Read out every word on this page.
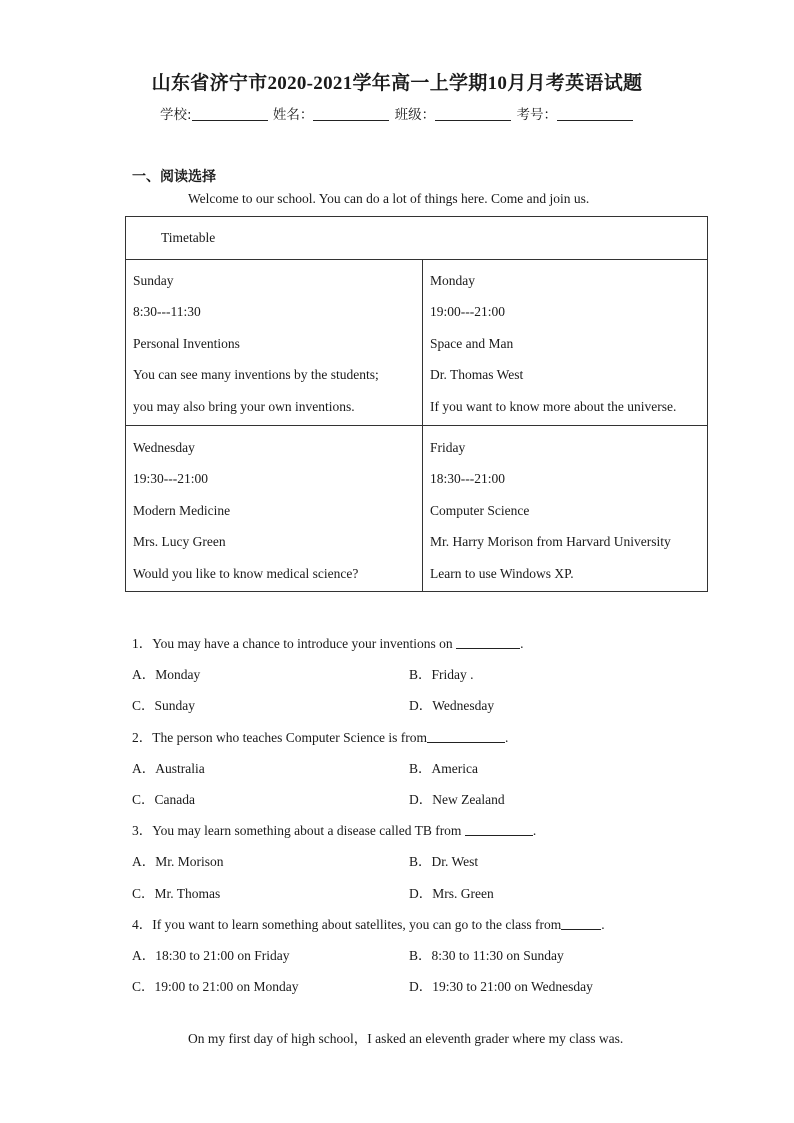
山东省济宁市2020-2021学年高一上学期10月月考英语试题
学校:	姓名：	班级：	考号：
一、阅读选择
Welcome to our school. You can do a lot of things here. Come and join us.
Timetable
Sunday
8:30---11:30
Personal Inventions
You can see many inventions by the students;
you may also bring your own inventions.
Monday
19:00---21:00
Space and Man
Dr. Thomas West
If you want to know more about the universe.
Wednesday
19:30---21:00
Modern Medicine
Mrs. Lucy Green
Would you like to know medical science?
Friday
18:30---21:00
Computer Science
Mr. Harry Morison from Harvard University
Learn to use Windows XP.
1．You may have a chance to introduce your inventions on	.
A．Monday	B．Friday .
C．Sunday	D．Wednesday
2．The person who teaches Computer Science is from	.
A．Australia	B．America
C．Canada	D．New Zealand
3．You may learn something about a disease called TB from	.
A．Mr. Morison	B．Dr. West
C．Mr. Thomas	D．Mrs. Green
4．If you want to learn something about satellites, you can go to the class from	.
A．18:30 to 21:00 on Friday	B．8:30 to 11:30 on Sunday
C．19:00 to 21:00 on Monday	D．19:30 to 21:00 on Wednesday
On my first day of high school，I asked an eleventh grader where my class was.
